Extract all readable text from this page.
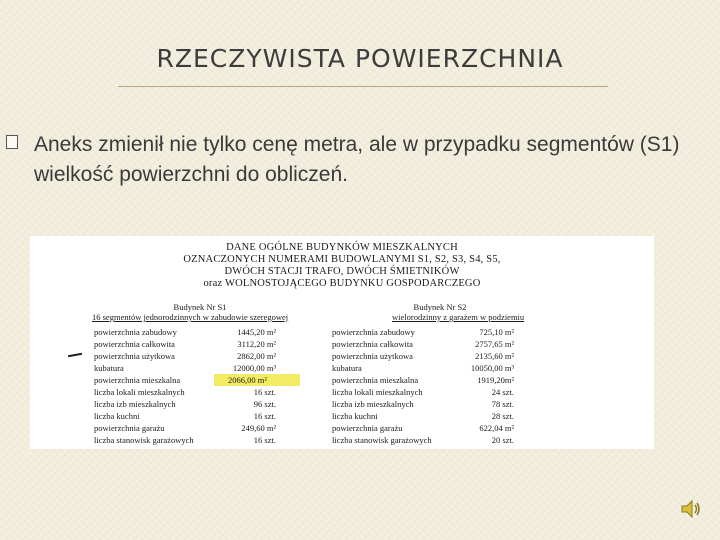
RZECZYWISTA POWIERZCHNIA
Aneks zmienił nie tylko cenę metra, ale w przypadku segmentów (S1) wielkość powierzchni do obliczeń.
DANE OGÓLNE BUDYNKÓW MIESZKALNYCH
OZNACZONYCH NUMERAMI BUDOWLANYMI S1, S2, S3, S4, S5,
DWÓCH STACJI TRAFO, DWÓCH ŚMIETNIKÓW
oraz WOLNOSTOJĄCEGO BUDYNKU GOSPODARCZEGO
Budynek Nr S1
16 segmentów jednorodzinnych w zabudowie szeregowej
Budynek Nr S2
wielorodzinny z garażem w podziemiu
powierzchnia zabudowy	1445,20 m²
powierzchnia całkowita	3112,20 m²
powierzchnia użytkowa	2862,00 m²
kubatura	12000,00 m³
powierzchnia mieszkalna	2066,00 m²
liczba lokali mieszkalnych	16 szt.
liczba izb mieszkalnych	96 szt.
liczba kuchni	16 szt.
powierzchnia garażu	249,60 m²
liczba stanowisk garażowych	16 szt.
powierzchnia zabudowy	725,10 m²
powierzchnia całkowita	2757,65 m²
powierzchnia użytkowa	2135,60 m²
kubatura	10050,00 m³
powierzchnia mieszkalna	1919,20m²
liczba lokali mieszkalnych	24 szt.
liczba izb mieszkalnych	78 szt.
liczba kuchni	28 szt.
powierzchnia garażu	622,04 m²
liczba stanowisk garażowych	20 szt.
